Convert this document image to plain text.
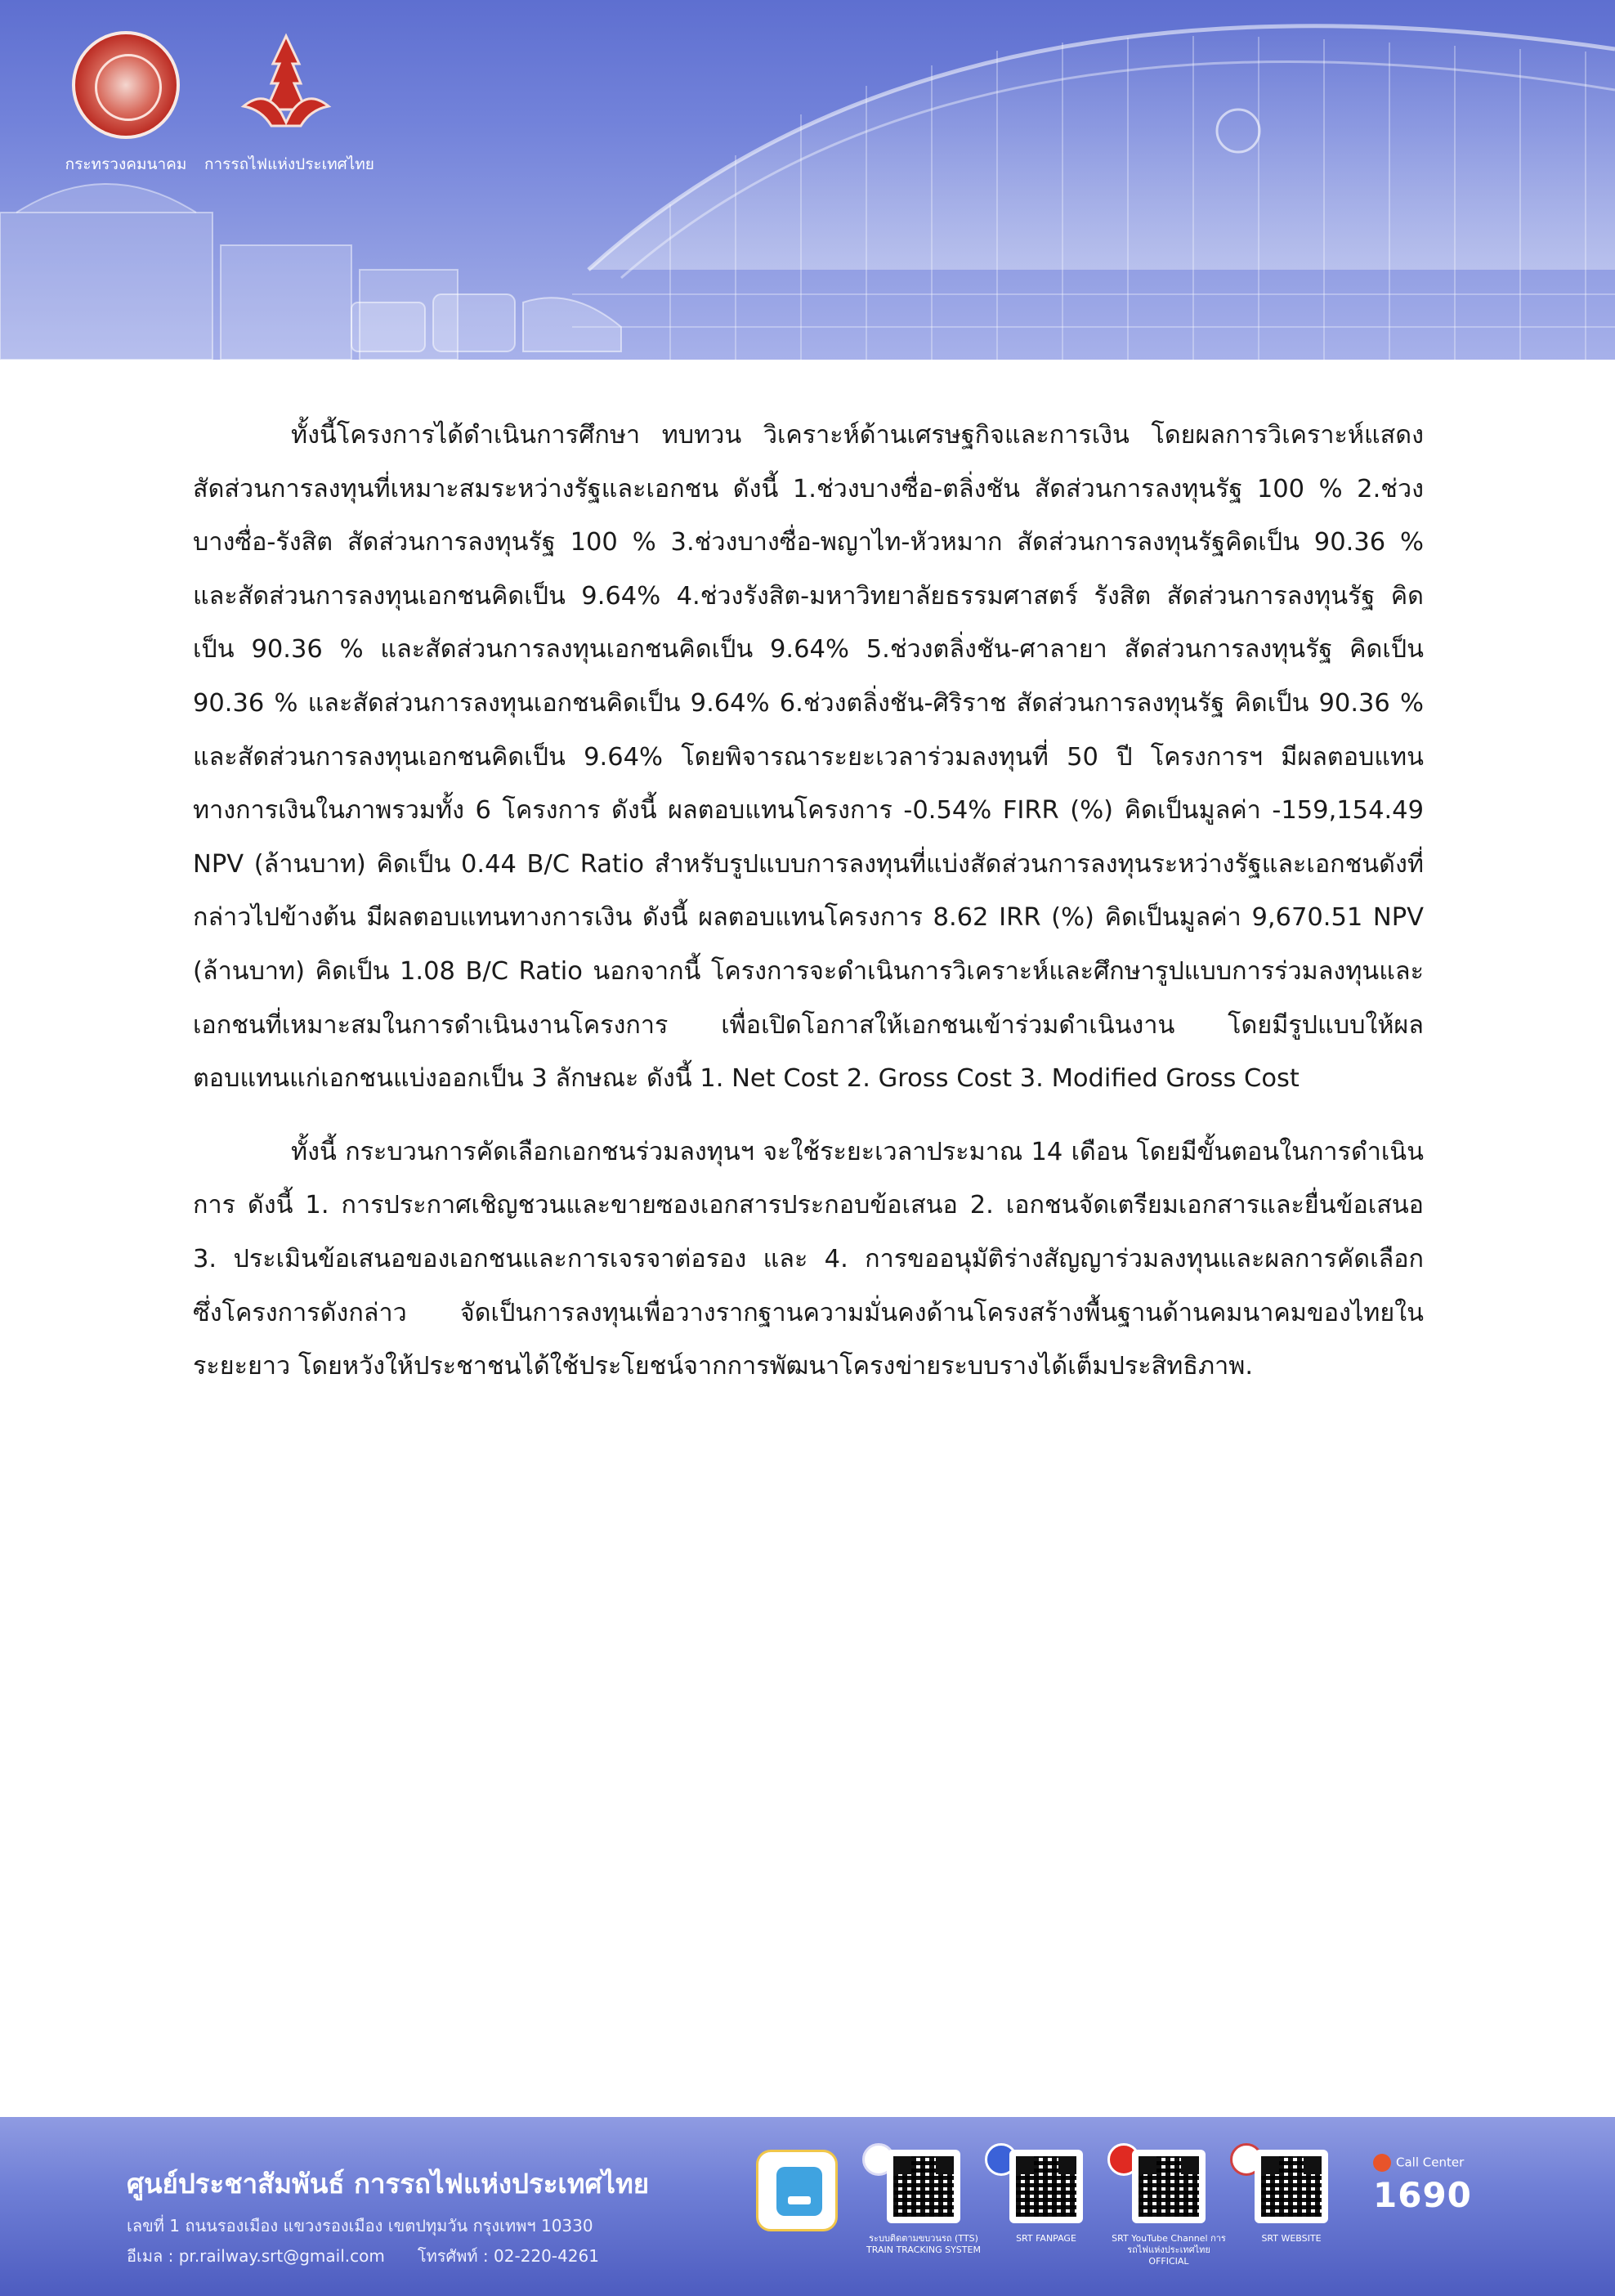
กระทรวงคมนาคม	การรถไฟแห่งประเทศไทย

ทั้งนี้โครงการได้ดำเนินการศึกษา ทบทวน วิเคราะห์ด้านเศรษฐกิจและการเงิน โดยผลการวิเคราะห์แสดงสัดส่วนการลงทุนที่เหมาะสมระหว่างรัฐและเอกชน ดังนี้ 1.ช่วงบางซื่อ-ตลิ่งชัน สัดส่วนการลงทุนรัฐ 100 % 2.ช่วงบางซื่อ-รังสิต สัดส่วนการลงทุนรัฐ 100 % 3.ช่วงบางซื่อ-พญาไท-หัวหมาก สัดส่วนการลงทุนรัฐคิดเป็น 90.36 % และสัดส่วนการลงทุนเอกชนคิดเป็น 9.64% 4.ช่วงรังสิต-มหาวิทยาลัยธรรมศาสตร์ รังสิต สัดส่วนการลงทุนรัฐ คิดเป็น 90.36 % และสัดส่วนการลงทุนเอกชนคิดเป็น 9.64% 5.ช่วงตลิ่งชัน-ศาลายา สัดส่วนการลงทุนรัฐ คิดเป็น 90.36 % และสัดส่วนการลงทุนเอกชนคิดเป็น 9.64% 6.ช่วงตลิ่งชัน-ศิริราช สัดส่วนการลงทุนรัฐ คิดเป็น 90.36 % และสัดส่วนการลงทุนเอกชนคิดเป็น 9.64% โดยพิจารณาระยะเวลาร่วมลงทุนที่ 50 ปี โครงการฯ มีผลตอบแทนทางการเงินในภาพรวมทั้ง 6 โครงการ ดังนี้ ผลตอบแทนโครงการ -0.54% FIRR (%) คิดเป็นมูลค่า -159,154.49 NPV (ล้านบาท) คิดเป็น 0.44 B/C Ratio สำหรับรูปแบบการลงทุนที่แบ่งสัดส่วนการลงทุนระหว่างรัฐและเอกชนดังที่กล่าวไปข้างต้น มีผลตอบแทนทางการเงิน ดังนี้ ผลตอบแทนโครงการ 8.62 IRR (%) คิดเป็นมูลค่า 9,670.51 NPV (ล้านบาท) คิดเป็น 1.08 B/C Ratio นอกจากนี้ โครงการจะดำเนินการวิเคราะห์และศึกษารูปแบบการร่วมลงทุนและเอกชนที่เหมาะสมในการดำเนินงานโครงการ เพื่อเปิดโอกาสให้เอกชนเข้าร่วมดำเนินงาน โดยมีรูปแบบให้ผลตอบแทนแก่เอกชนแบ่งออกเป็น 3 ลักษณะ ดังนี้ 1. Net Cost 2. Gross Cost 3. Modified Gross Cost

ทั้งนี้ กระบวนการคัดเลือกเอกชนร่วมลงทุนฯ จะใช้ระยะเวลาประมาณ 14 เดือน โดยมีขั้นตอนในการดำเนินการ ดังนี้ 1. การประกาศเชิญชวนและขายซองเอกสารประกอบข้อเสนอ 2. เอกชนจัดเตรียมเอกสารและยื่นข้อเสนอ 3. ประเมินข้อเสนอของเอกชนและการเจรจาต่อรอง และ 4. การขออนุมัติร่างสัญญาร่วมลงทุนและผลการคัดเลือก ซึ่งโครงการดังกล่าว จัดเป็นการลงทุนเพื่อวางรากฐานความมั่นคงด้านโครงสร้างพื้นฐานด้านคมนาคมของไทยในระยะยาว โดยหวังให้ประชาชนได้ใช้ประโยชน์จากการพัฒนาโครงข่ายระบบรางได้เต็มประสิทธิภาพ.

ศูนย์ประชาสัมพันธ์ การรถไฟแห่งประเทศไทย
เลขที่ 1 ถนนรองเมือง แขวงรองเมือง เขตปทุมวัน กรุงเทพฯ 10330
อีเมล : pr.railway.srt@gmail.com โทรศัพท์ : 02-220-4261
ระบบติดตามขบวนรถ (TTS) TRAIN TRACKING SYSTEM
SRT FANPAGE	SRT YouTube Channel การรถไฟแห่งประเทศไทย OFFICIAL
SRT WEBSITE
Call Center
1690
